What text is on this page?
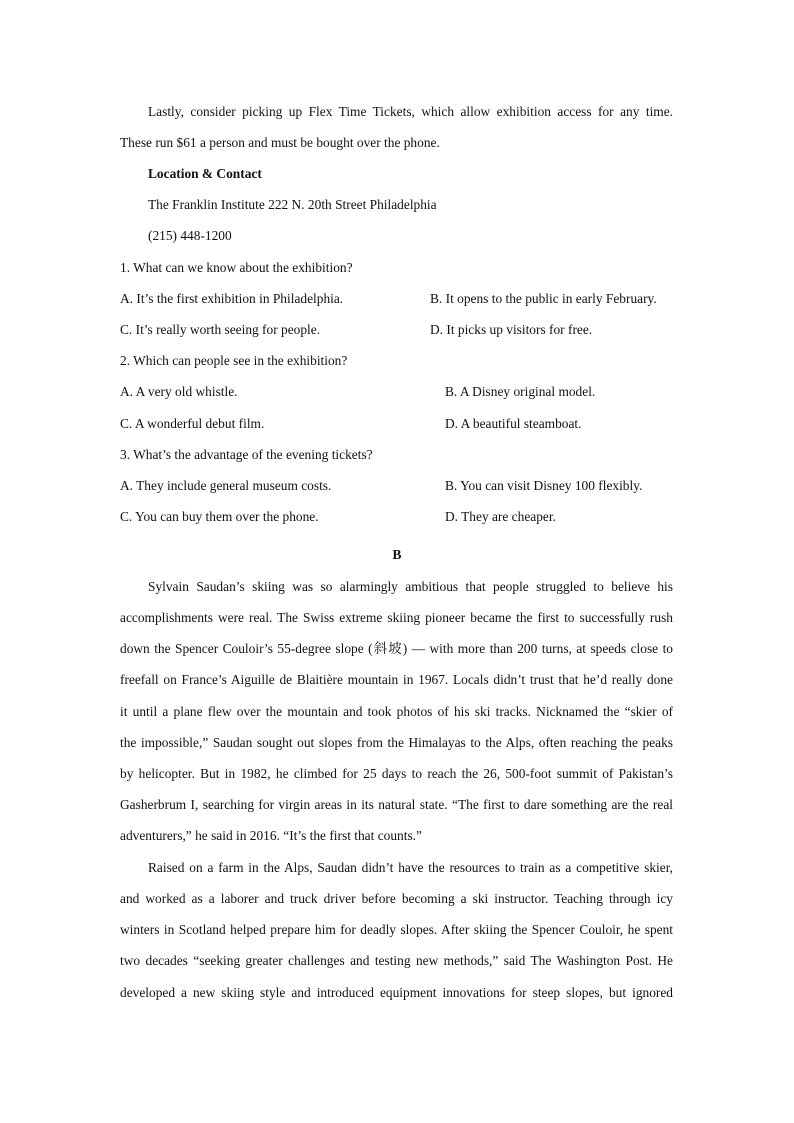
Lastly, consider picking up Flex Time Tickets, which allow exhibition access for any time.
These run $61 a person and must be bought over the phone.
Location & Contact
The Franklin Institute 222 N. 20th Street Philadelphia
(215) 448-1200
1. What can we know about the exhibition?
A. It’s the first exhibition in Philadelphia.	B. It opens to the public in early February.
C. It’s really worth seeing for people.	D. It picks up visitors for free.
2. Which can people see in the exhibition?
A. A very old whistle.	B. A Disney original model.
C. A wonderful debut film.	D. A beautiful steamboat.
3. What’s the advantage of the evening tickets?
A. They include general museum costs.	B. You can visit Disney 100 flexibly.
C. You can buy them over the phone.	D. They are cheaper.
B
Sylvain Saudan’s skiing was so alarmingly ambitious that people struggled to believe his
accomplishments were real. The Swiss extreme skiing pioneer became the first to successfully rush
down the Spencer Couloir’s 55-degree slope (斜坡) — with more than 200 turns, at speeds close to
freefall on France’s Aiguille de Blaitière mountain in 1967. Locals didn’t trust that he’d really done
it until a plane flew over the mountain and took photos of his ski tracks. Nicknamed the “skier of
the impossible,” Saudan sought out slopes from the Himalayas to the Alps, often reaching the peaks
by helicopter. But in 1982, he climbed for 25 days to reach the 26, 500-foot summit of Pakistan’s
Gasherbrum I, searching for virgin areas in its natural state. “The first to dare something are the real
adventurers,” he said in 2016. “It’s the first that counts.”
Raised on a farm in the Alps, Saudan didn’t have the resources to train as a competitive skier,
and worked as a laborer and truck driver before becoming a ski instructor. Teaching through icy
winters in Scotland helped prepare him for deadly slopes. After skiing the Spencer Couloir, he spent
two decades “seeking greater challenges and testing new methods,” said The Washington Post. He
developed a new skiing style and introduced equipment innovations for steep slopes, but ignored
